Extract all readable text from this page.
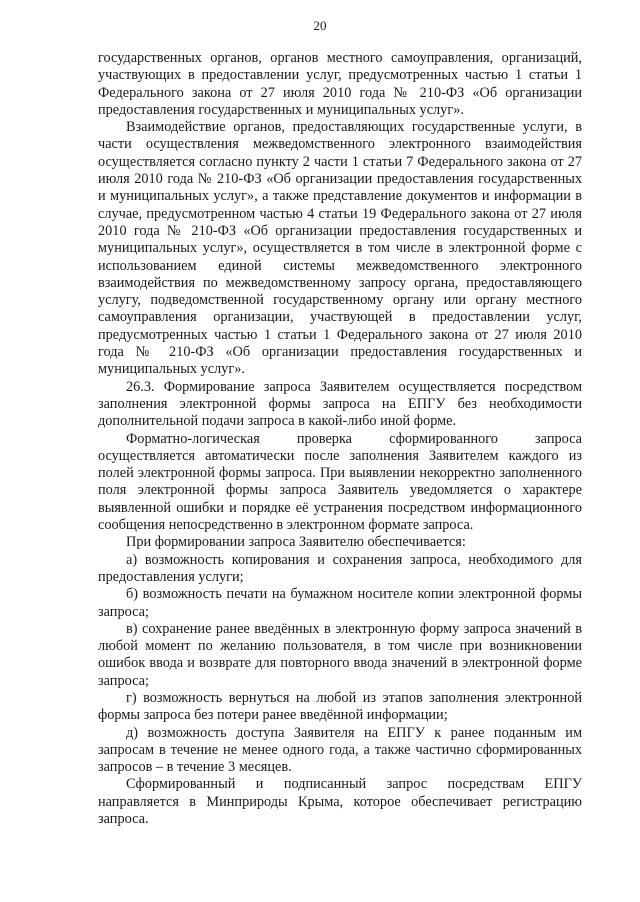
20

государственных органов, органов местного самоуправления, организаций, участвующих в предоставлении услуг, предусмотренных частью 1 статьи 1 Федерального закона от 27 июля 2010 года № 210-ФЗ «Об организации предоставления государственных и муниципальных услуг».

Взаимодействие органов, предоставляющих государственные услуги, в части осуществления межведомственного электронного взаимодействия осуществляется согласно пункту 2 части 1 статьи 7 Федерального закона от 27 июля 2010 года № 210-ФЗ «Об организации предоставления государственных и муниципальных услуг», а также представление документов и информации в случае, предусмотренном частью 4 статьи 19 Федерального закона от 27 июля 2010 года № 210-ФЗ «Об организации предоставления государственных и муниципальных услуг», осуществляется в том числе в электронной форме с использованием единой системы межведомственного электронного взаимодействия по межведомственному запросу органа, предоставляющего услугу, подведомственной государственному органу или органу местного самоуправления организации, участвующей в предоставлении услуг, предусмотренных частью 1 статьи 1 Федерального закона от 27 июля 2010 года № 210-ФЗ «Об организации предоставления государственных и муниципальных услуг».

26.3. Формирование запроса Заявителем осуществляется посредством заполнения электронной формы запроса на ЕПГУ без необходимости дополнительной подачи запроса в какой-либо иной форме.

Форматно-логическая проверка сформированного запроса осуществляется автоматически после заполнения Заявителем каждого из полей электронной формы запроса. При выявлении некорректно заполненного поля электронной формы запроса Заявитель уведомляется о характере выявленной ошибки и порядке её устранения посредством информационного сообщения непосредственно в электронном формате запроса.

При формировании запроса Заявителю обеспечивается:

а) возможность копирования и сохранения запроса, необходимого для предоставления услуги;

б) возможность печати на бумажном носителе копии электронной формы запроса;

в) сохранение ранее введённых в электронную форму запроса значений в любой момент по желанию пользователя, в том числе при возникновении ошибок ввода и возврате для повторного ввода значений в электронной форме запроса;

г) возможность вернуться на любой из этапов заполнения электронной формы запроса без потери ранее введённой информации;

д) возможность доступа Заявителя на ЕПГУ к ранее поданным им запросам в течение не менее одного года, а также частично сформированных запросов – в течение 3 месяцев.

Сформированный и подписанный запрос посредствам ЕПГУ направляется в Минприроды Крыма, которое обеспечивает регистрацию запроса.
